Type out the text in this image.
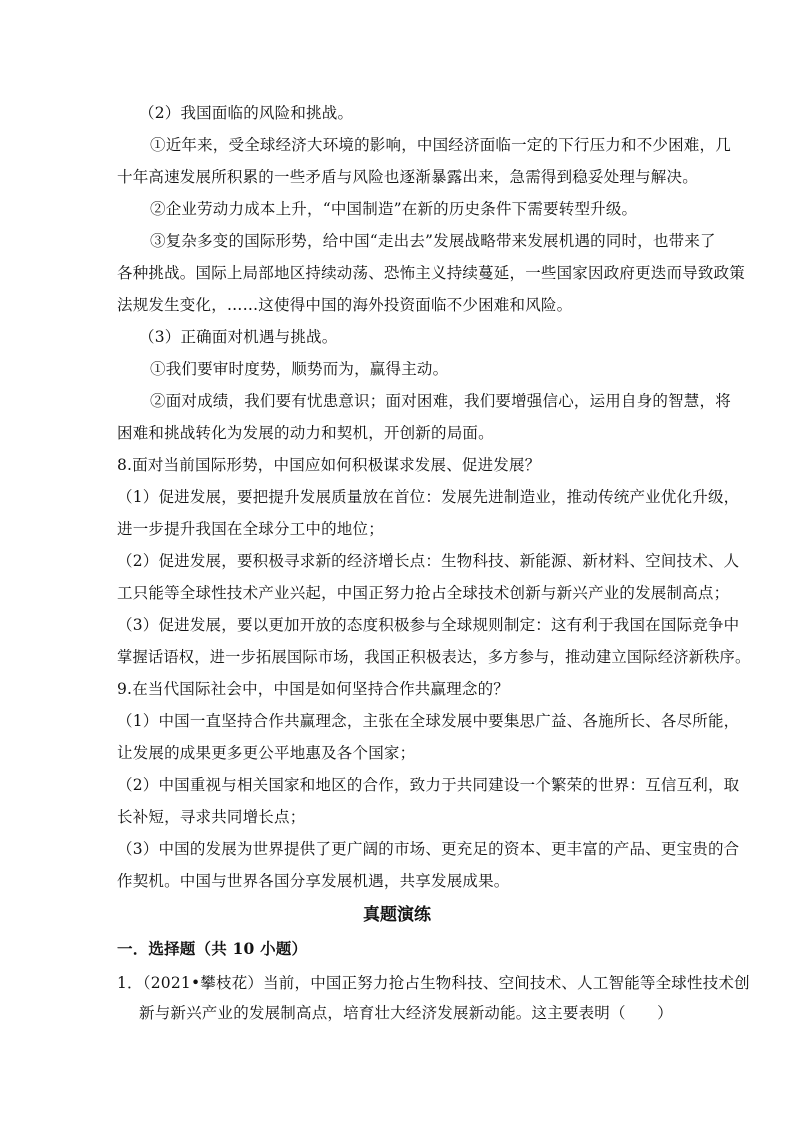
（2）我国面临的风险和挑战。
①近年来，受全球经济大环境的影响，中国经济面临一定的下行压力和不少困难，几
十年高速发展所积累的一些矛盾与风险也逐渐暴露出来，急需得到稳妥处理与解决。
②企业劳动力成本上升，“中国制造”在新的历史条件下需要转型升级。
③复杂多变的国际形势，给中国“走出去”发展战略带来发展机遇的同时，也带来了
各种挑战。国际上局部地区持续动荡、恐怖主义持续蔓延，一些国家因政府更迭而导致政策
法规发生变化，……这使得中国的海外投资面临不少困难和风险。
（3）正确面对机遇与挑战。
①我们要审时度势，顺势而为，赢得主动。
②面对成绩，我们要有忧患意识；面对困难，我们要增强信心，运用自身的智慧，将
困难和挑战转化为发展的动力和契机，开创新的局面。
8.面对当前国际形势，中国应如何积极谋求发展、促进发展？
（1）促进发展，要把提升发展质量放在首位：发展先进制造业，推动传统产业优化升级，
进一步提升我国在全球分工中的地位；
（2）促进发展，要积极寻求新的经济增长点：生物科技、新能源、新材料、空间技术、人
工只能等全球性技术产业兴起，中国正努力抢占全球技术创新与新兴产业的发展制高点；
（3）促进发展，要以更加开放的态度积极参与全球规则制定：这有利于我国在国际竞争中
掌握话语权，进一步拓展国际市场，我国正积极表达，多方参与，推动建立国际经济新秩序。
9.在当代国际社会中，中国是如何坚持合作共赢理念的？
（1）中国一直坚持合作共赢理念，主张在全球发展中要集思广益、各施所长、各尽所能，
让发展的成果更多更公平地惠及各个国家；
（2）中国重视与相关国家和地区的合作，致力于共同建设一个繁荣的世界：互信互利，取
长补短，寻求共同增长点；
（3）中国的发展为世界提供了更广阔的市场、更充足的资本、更丰富的产品、更宝贵的合
作契机。中国与世界各国分享发展机遇，共享发展成果。
真题演练
一．选择题（共 10 小题）
1．（2021•攀枝花）当前，中国正努力抢占生物科技、空间技术、人工智能等全球性技术创
新与新兴产业的发展制高点，培育壮大经济发展新动能。这主要表明（　　）
